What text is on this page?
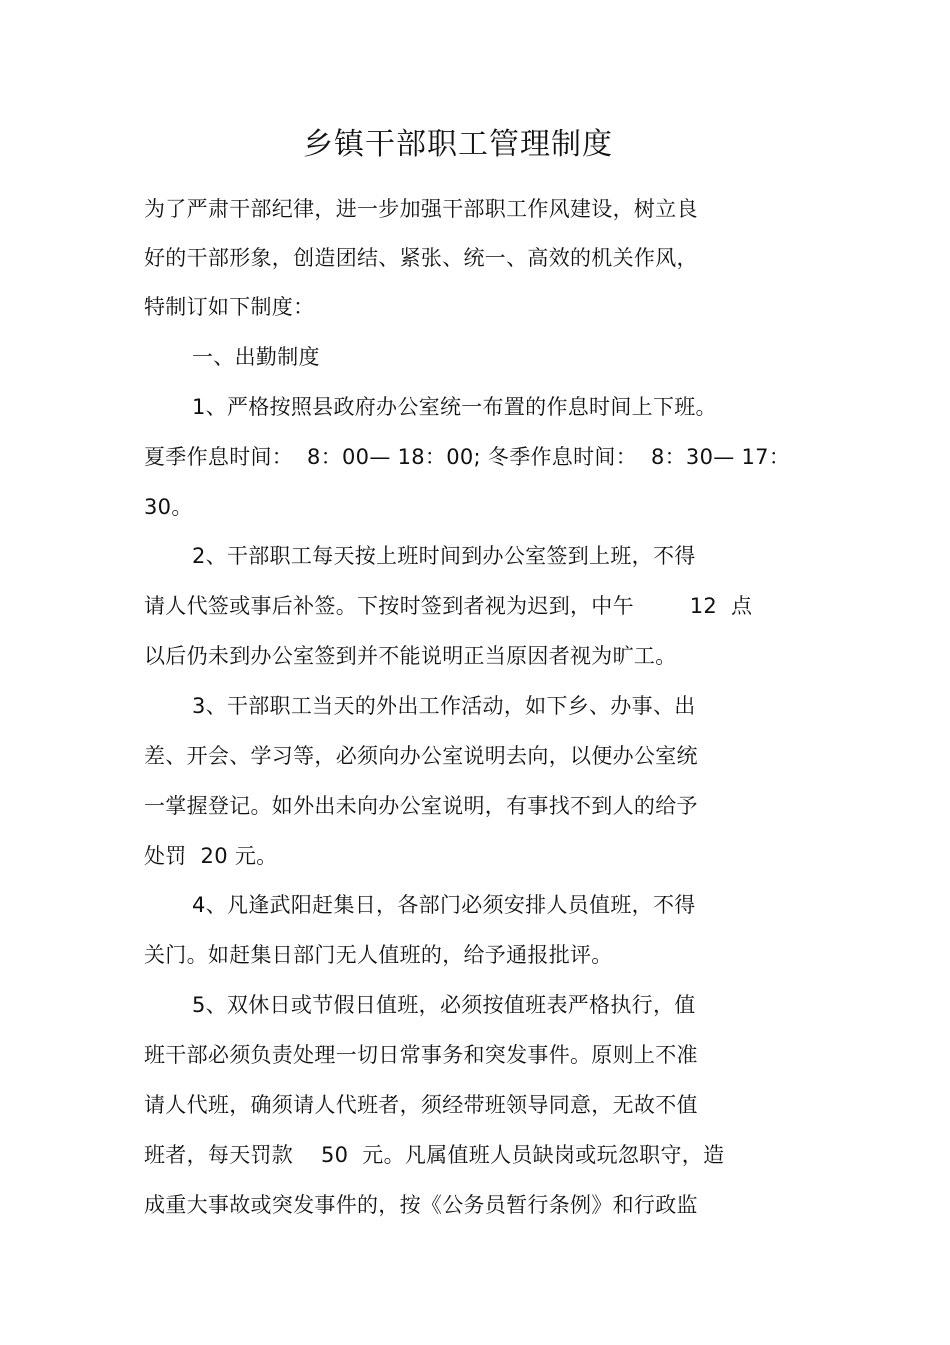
乡镇干部职工管理制度
为了严肃干部纪律，进一步加强干部职工作风建设，树立良
好的干部形象，创造团结、紧张、统一、高效的机关作风，
特制订如下制度：
一、出勤制度
1、严格按照县政府办公室统一布置的作息时间上下班。
夏季作息时间：  8：00— 18：00; 冬季作息时间：  8：30— 17：
30。
2、干部职工每天按上班时间到办公室签到上班，不得
请人代签或事后补签。下按时签到者视为迟到，中午        12  点
以后仍未到办公室签到并不能说明正当原因者视为旷工。
3、干部职工当天的外出工作活动，如下乡、办事、出
差、开会、学习等，必须向办公室说明去向，以便办公室统
一掌握登记。如外出未向办公室说明，有事找不到人的给予
处罚  20 元。
4、凡逢武阳赶集日，各部门必须安排人员值班，不得
关门。如赶集日部门无人值班的，给予通报批评。
5、双休日或节假日值班，必须按值班表严格执行，值
班干部必须负责处理一切日常事务和突发事件。原则上不准
请人代班，确须请人代班者，须经带班领导同意，无故不值
班者，每天罚款    50  元。凡属值班人员缺岗或玩忽职守，造
成重大事故或突发事件的，按《公务员暂行条例》和行政监
